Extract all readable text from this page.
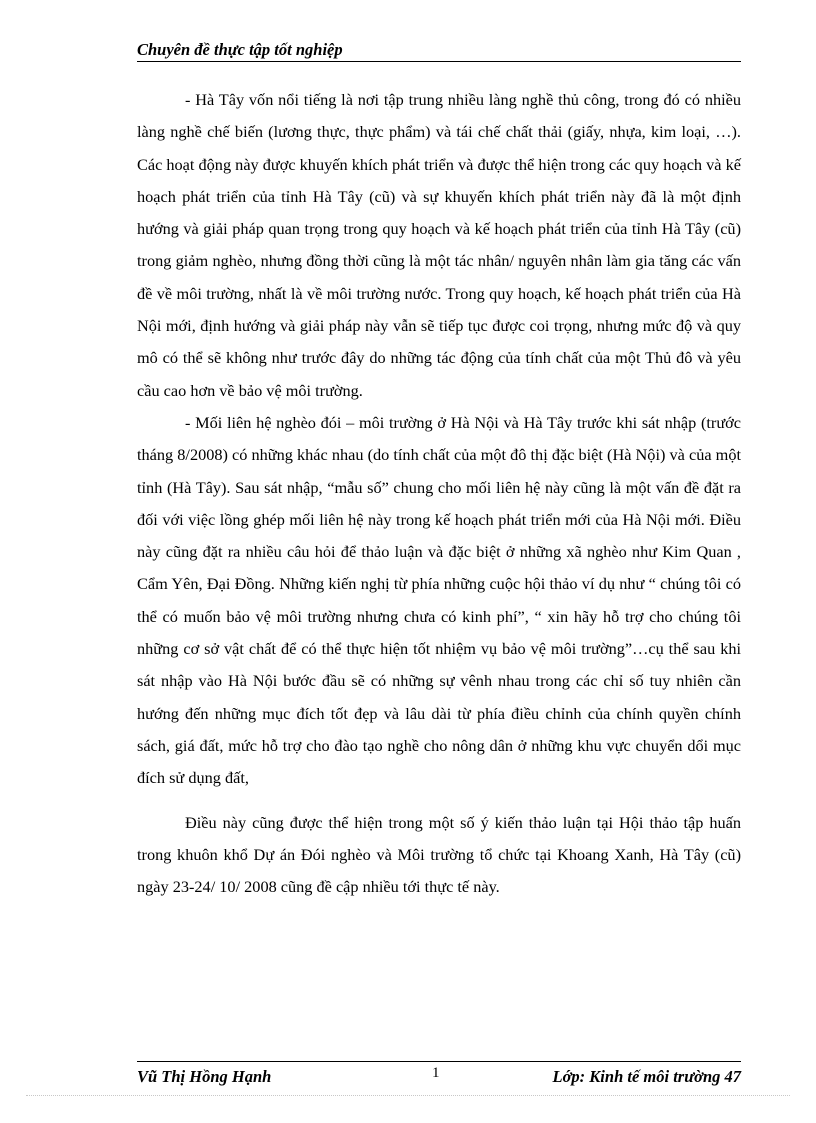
Chuyên đề thực tập tốt nghiệp

- Hà Tây vốn nổi tiếng là nơi tập trung nhiều làng nghề thủ công, trong đó có nhiều làng nghề chế biến (lương thực, thực phẩm) và tái chế chất thải (giấy, nhựa, kim loại, …). Các hoạt động này được khuyến khích phát triển và được thể hiện trong các quy hoạch và kế hoạch phát triển của tỉnh Hà Tây (cũ) và sự khuyến khích phát triển này đã là một định hướng và giải pháp quan trọng trong quy hoạch và kế hoạch phát triển của tỉnh Hà Tây (cũ) trong giảm nghèo, nhưng đồng thời cũng là một tác nhân/ nguyên nhân làm gia tăng các vấn đề về môi trường, nhất là về môi trường nước. Trong quy hoạch, kế hoạch phát triển của Hà Nội mới, định hướng và giải pháp này vẫn sẽ tiếp tục được coi trọng, nhưng mức độ và quy mô có thể sẽ không như trước đây do những tác động của tính chất của một Thủ đô và yêu cầu cao hơn về bảo vệ môi trường.

- Mối liên hệ nghèo đói – môi trường ở Hà Nội và Hà Tây trước khi sát nhập (trước tháng 8/2008) có những khác nhau (do tính chất của một đô thị đặc biệt (Hà Nội) và của một tỉnh (Hà Tây). Sau sát nhập, “mẫu số” chung cho mối liên hệ này cũng là một vấn đề đặt ra đối với việc lồng ghép mối liên hệ này trong kế hoạch phát triển mới của Hà Nội mới. Điều này cũng đặt ra nhiều câu hỏi để thảo luận và đặc biệt ở những xã nghèo như Kim Quan , Cẩm Yên, Đại Đồng. Những kiến nghị từ phía những cuộc hội thảo ví dụ như “ chúng tôi có thể có muốn bảo vệ môi trường nhưng chưa có kinh phí”, “ xin hãy hỗ trợ cho chúng tôi những cơ sở vật chất để có thể thực hiện tốt nhiệm vụ bảo vệ môi trường”…cụ thể sau khi sát nhập vào Hà Nội bước đầu sẽ có những sự vênh nhau trong các chỉ số tuy nhiên cần hướng đến những mục đích tốt đẹp và lâu dài từ phía điều chỉnh của chính quyền chính sách, giá đất, mức hỗ trợ cho đào tạo nghề cho nông dân ở những khu vực chuyển dổi mục đích sử dụng đất,

Điều này cũng được thể hiện trong một số ý kiến thảo luận tại Hội thảo tập huấn trong khuôn khổ Dự án Đói nghèo và Môi trường tổ chức tại Khoang Xanh, Hà Tây (cũ) ngày 23-24/ 10/ 2008 cũng đề cập nhiều tới thực tế này.

Vũ Thị Hồng Hạnh	1	Lớp: Kinh tế môi trường 47
